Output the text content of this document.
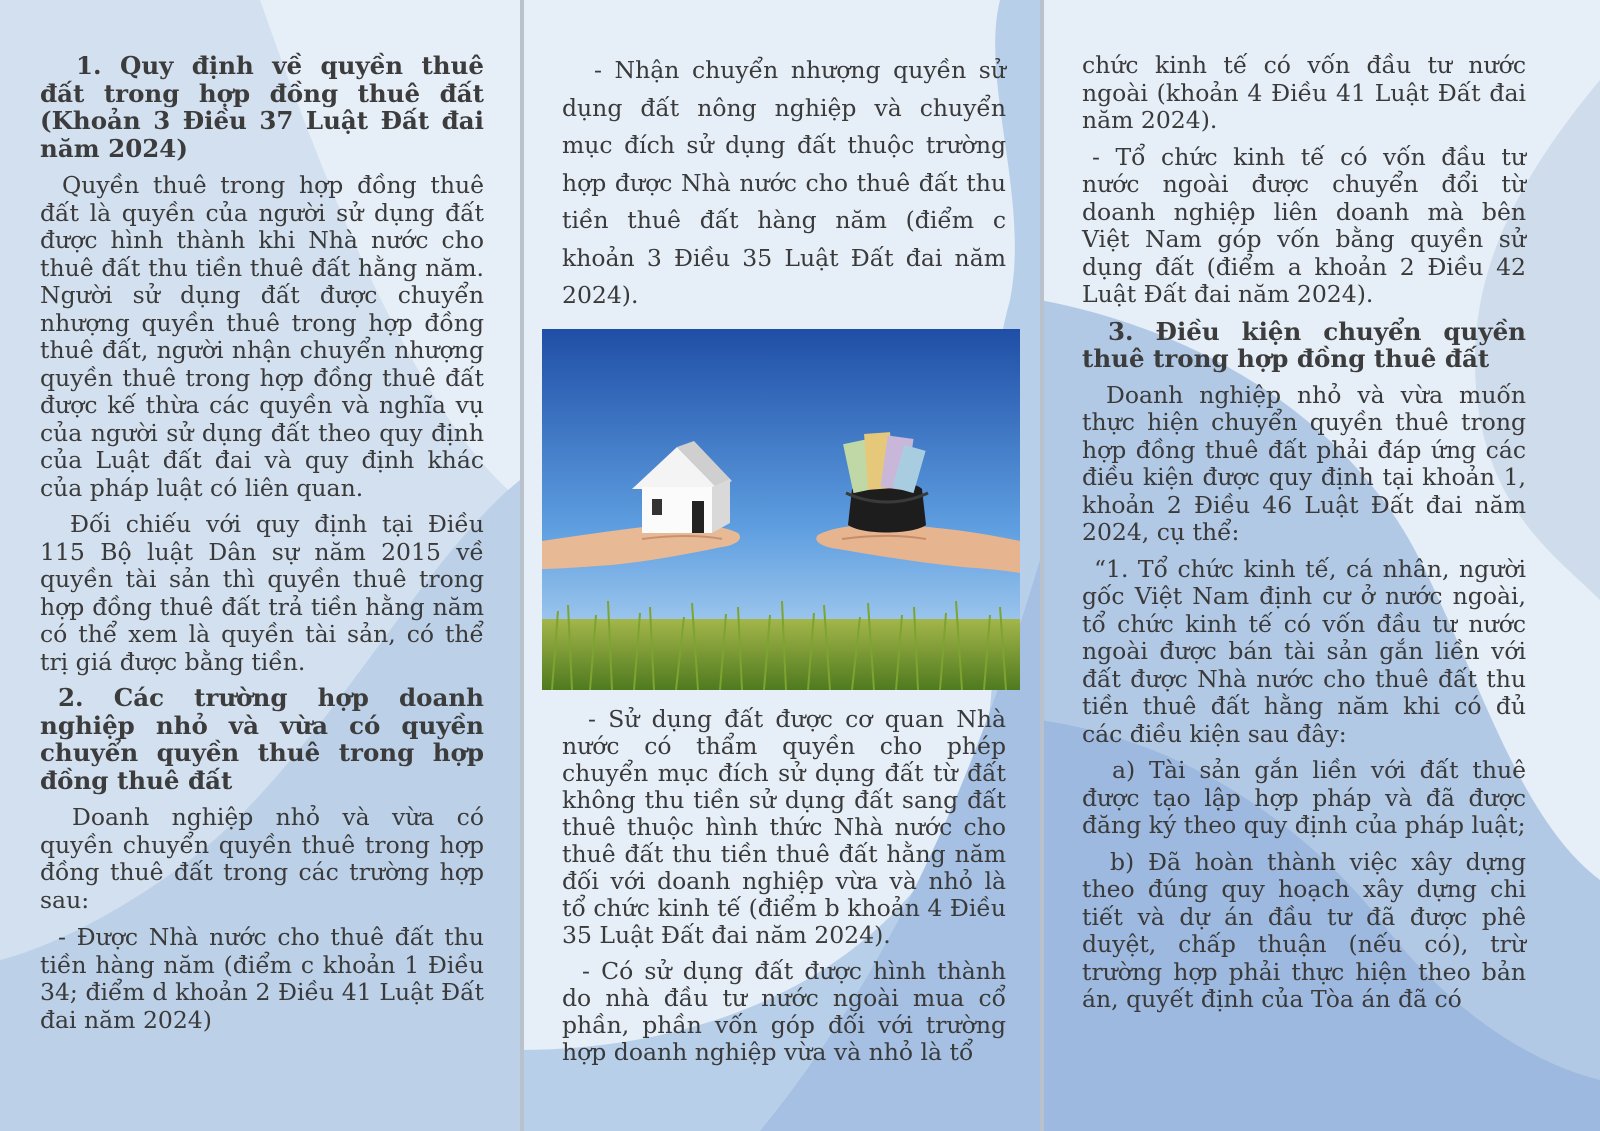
1. Quy định về quyền thuê đất trong hợp đồng thuê đất (Khoản 3 Điều 37 Luật Đất đai năm 2024)

Quyền thuê trong hợp đồng thuê đất là quyền của người sử dụng đất được hình thành khi Nhà nước cho thuê đất thu tiền thuê đất hằng năm. Người sử dụng đất được chuyển nhượng quyền thuê trong hợp đồng thuê đất, người nhận chuyển nhượng quyền thuê trong hợp đồng thuê đất được kế thừa các quyền và nghĩa vụ của người sử dụng đất theo quy định của Luật đất đai và quy định khác của pháp luật có liên quan.

Đối chiếu với quy định tại Điều 115 Bộ luật Dân sự năm 2015 về quyền tài sản thì quyền thuê trong hợp đồng thuê đất trả tiền hằng năm có thể xem là quyền tài sản, có thể trị giá được bằng tiền.

2. Các trường hợp doanh nghiệp nhỏ và vừa có quyền chuyển quyền thuê trong hợp đồng thuê đất

Doanh nghiệp nhỏ và vừa có quyền chuyển quyền thuê trong hợp đồng thuê đất trong các trường hợp sau:

- Được Nhà nước cho thuê đất thu tiền hàng năm (điểm c khoản 1 Điều 34; điểm d khoản 2 Điều 41 Luật Đất đai năm 2024)

- Nhận chuyển nhượng quyền sử dụng đất nông nghiệp và chuyển mục đích sử dụng đất thuộc trường hợp được Nhà nước cho thuê đất thu tiền thuê đất hàng năm (điểm c khoản 3 Điều 35 Luật Đất đai năm 2024).

- Sử dụng đất được cơ quan Nhà nước có thẩm quyền cho phép chuyển mục đích sử dụng đất từ đất không thu tiền sử dụng đất sang đất thuê thuộc hình thức Nhà nước cho thuê đất thu tiền thuê đất hằng năm đối với doanh nghiệp vừa và nhỏ là tổ chức kinh tế (điểm b khoản 4 Điều 35 Luật Đất đai năm 2024).

- Có sử dụng đất được hình thành do nhà đầu tư nước ngoài mua cổ phần, phần vốn góp đối với trường hợp doanh nghiệp vừa và nhỏ là tổ

chức kinh tế có vốn đầu tư nước ngoài (khoản 4 Điều 41 Luật Đất đai năm 2024).

- Tổ chức kinh tế có vốn đầu tư nước ngoài được chuyển đổi từ doanh nghiệp liên doanh mà bên Việt Nam góp vốn bằng quyền sử dụng đất (điểm a khoản 2 Điều 42 Luật Đất đai năm 2024).

3. Điều kiện chuyển quyền thuê trong hợp đồng thuê đất

Doanh nghiệp nhỏ và vừa muốn thực hiện chuyển quyền thuê trong hợp đồng thuê đất phải đáp ứng các điều kiện được quy định tại khoản 1, khoản 2 Điều 46 Luật Đất đai năm 2024, cụ thể:

“1. Tổ chức kinh tế, cá nhân, người gốc Việt Nam định cư ở nước ngoài, tổ chức kinh tế có vốn đầu tư nước ngoài được bán tài sản gắn liền với đất được Nhà nước cho thuê đất thu tiền thuê đất hằng năm khi có đủ các điều kiện sau đây:

a) Tài sản gắn liền với đất thuê được tạo lập hợp pháp và đã được đăng ký theo quy định của pháp luật;

b) Đã hoàn thành việc xây dựng theo đúng quy hoạch xây dựng chi tiết và dự án đầu tư đã được phê duyệt, chấp thuận (nếu có), trừ trường hợp phải thực hiện theo bản án, quyết định của Tòa án đã có
